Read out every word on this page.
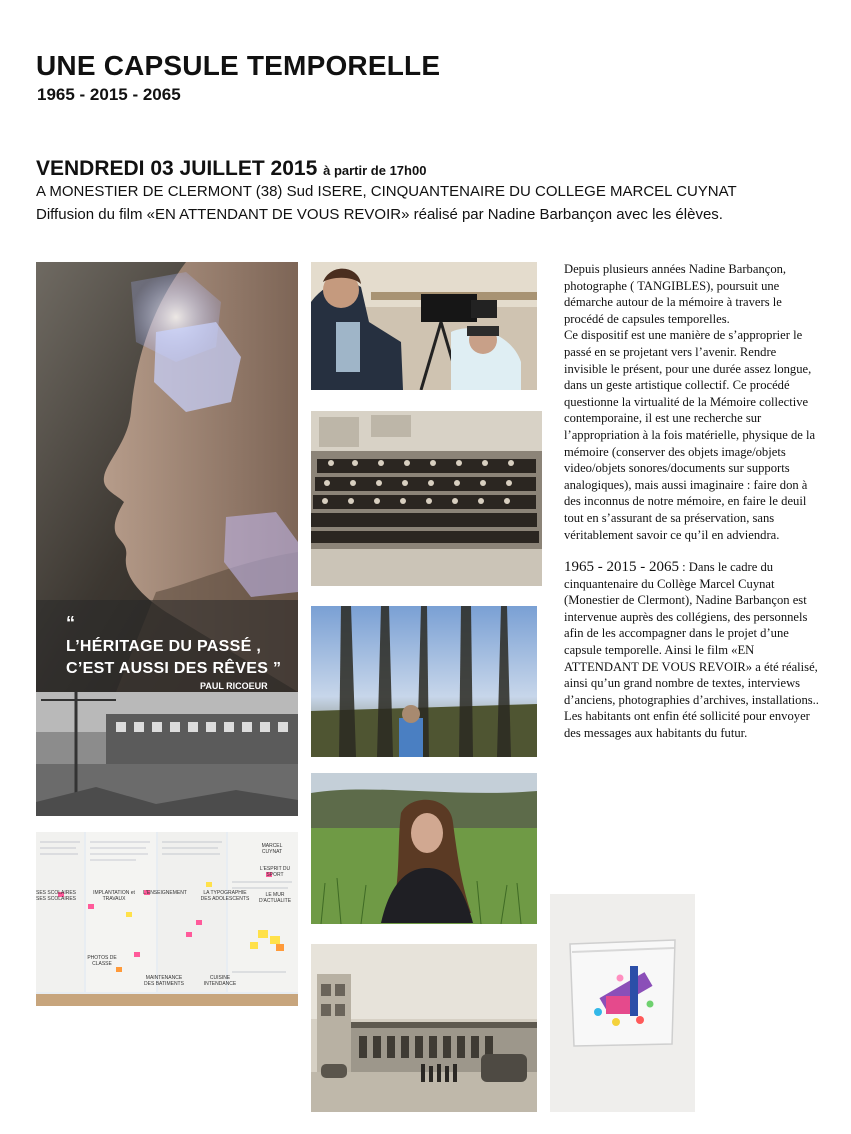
UNE CAPSULE TEMPORELLE
1965 - 2015 - 2065
VENDREDI 03 JUILLET 2015 à partir de 17h00
A MONESTIER DE CLERMONT (38) Sud ISERE, CINQUANTENAIRE DU COLLEGE MARCEL CUYNAT
Diffusion du film «EN ATTENDANT DE VOUS REVOIR» réalisé par Nadine Barbançon avec les élèves.
“
L’HÉRITAGE DU PASSÉ ,
C’EST AUSSI DES RÊVES ”
PAUL RICOEUR
MARCEL CUYNAT
L'ESPRIT DU SPORT
IMPLANTATION et TRAVAUX
L'ENSEIGNEMENT	LA TYPOGRAPHIE DES ADOLESCENTS
LE MUR D'ACTUALITE
SES SCOLAIRES SES SCOLAIRES
PHOTOS DE CLASSE
MAINTENANCE DES BATIMENTS
CUISINE INTENDANCE

Depuis plusieurs années Nadine Barbançon, photographe ( TANGIBLES), poursuit une démarche autour de la mémoire à travers le procédé de capsules temporelles.
Ce dispositif est une manière de s’approprier le passé en se projetant vers l’avenir. Rendre invisible le présent, pour une durée assez longue, dans un geste artistique collectif. Ce procédé questionne la virtualité de la Mémoire collective contemporaine, il est une recherche sur l’appropriation à la fois matérielle, physique de la mémoire (conserver des objets image/objets video/objets sonores/documents sur supports analogiques), mais aussi imaginaire : faire don à des inconnus de notre mémoire, en faire le deuil tout en s’assurant de sa préservation, sans véritablement savoir ce qu’il en adviendra.

1965 - 2015 - 2065 : Dans le cadre du cinquantenaire du Collège Marcel Cuynat (Monestier de Clermont), Nadine Barbançon est intervenue auprès des collégiens, des personnels afin de les accompagner dans le projet d’une capsule temporelle. Ainsi le film «EN ATTENDANT DE VOUS REVOIR» a été réalisé, ainsi qu’un grand nombre de textes, interviews d’anciens, photographies d’archives, installations.. Les habitants ont enfin été sollicité pour envoyer des messages aux habitants du futur.
